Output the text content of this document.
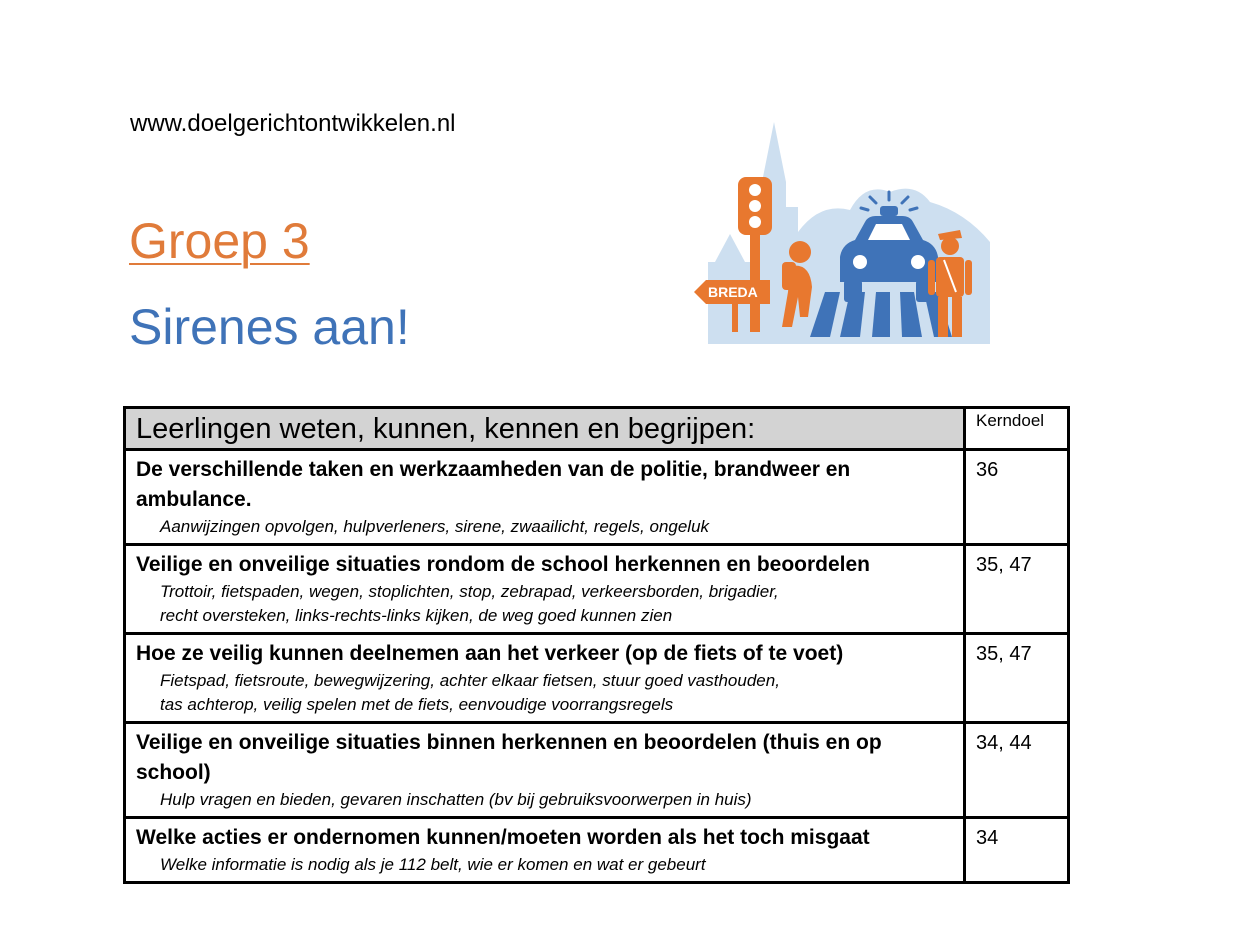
www.doelgerichtontwikkelen.nl
Groep 3
Sirenes aan!
BREDA
Leerlingen weten, kunnen, kennen en begrijpen:	Kerndoel

De verschillende taken en werkzaamheden van de politie, brandweer en ambulance.
Aanwijzingen opvolgen, hulpverleners, sirene, zwaailicht, regels, ongeluk	36

Veilige en onveilige situaties rondom de school herkennen en beoordelen
Trottoir, fietspaden, wegen, stoplichten, stop, zebrapad, verkeersborden, brigadier,
recht oversteken, links-rechts-links kijken, de weg goed kunnen zien	35, 47

Hoe ze veilig kunnen deelnemen aan het verkeer (op de fiets of te voet)
Fietspad, fietsroute, bewegwijzering, achter elkaar fietsen, stuur goed vasthouden,
tas achterop, veilig spelen met de fiets, eenvoudige voorrangsregels	35, 47

Veilige en onveilige situaties binnen herkennen en beoordelen (thuis en op school)
Hulp vragen en bieden, gevaren inschatten (bv bij gebruiksvoorwerpen in huis)	34, 44

Welke acties er ondernomen kunnen/moeten worden als het toch misgaat
Welke informatie is nodig als je 112 belt, wie er komen en wat er gebeurt	34
